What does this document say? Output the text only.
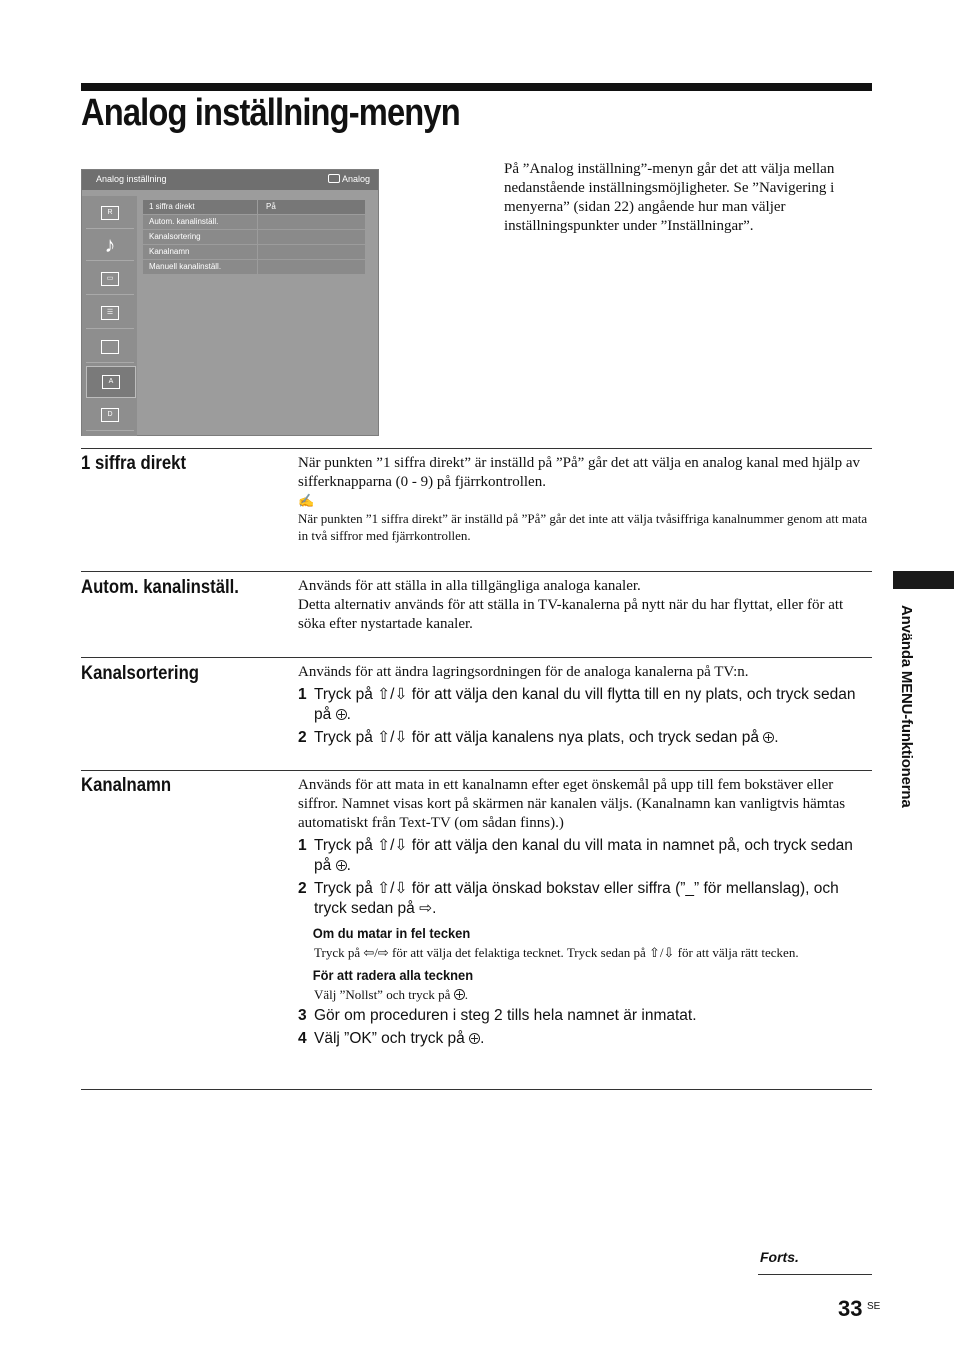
Analog inställning-menyn
Analog inställning	Analog
R
♪
▭
☰
A
D
1 siffra direkt	På
Autom. kanalinställ.
Kanalsortering
Kanalnamn
Manuell kanalinställ.

På ”Analog inställning”-menyn går det att välja mellan nedanstående inställningsmöjligheter. Se ”Navigering i menyerna” (sidan 22) angående hur man väljer inställningspunkter under ”Inställningar”.

1 siffra direkt	När punkten ”1 siffra direkt” är inställd på ”På” går det att välja en analog kanal med hjälp av sifferknapparna (0 - 9) på fjärrkontrollen.

✍

När punkten ”1 siffra direkt” är inställd på ”På” går det inte att välja tvåsiffriga kanalnummer genom att mata in två siffror med fjärrkontrollen.

Autom. kanalinställ.	Används för att ställa in alla tillgängliga analoga kanaler.

Detta alternativ används för att ställa in TV-kanalerna på nytt när du har flyttat, eller för att söka efter nystartade kanaler.

Kanalsortering	Används för att ändra lagringsordningen för de analoga kanalerna på TV:n.

1 Tryck på ⇧/⇩ för att välja den kanal du vill flytta till en ny plats, och tryck sedan på .
2 Tryck på ⇧/⇩ för att välja kanalens nya plats, och tryck sedan på .
Kanalnamn	Används för att mata in ett kanalnamn efter eget önskemål på upp till fem bokstäver eller siffror. Namnet visas kort på skärmen när kanalen väljs. (Kanalnamn kan vanligtvis hämtas automatiskt från Text-TV (om sådan finns).)

1 Tryck på ⇧/⇩ för att välja den kanal du vill mata in namnet på, och tryck sedan på .
2 Tryck på ⇧/⇩ för att välja önskad bokstav eller siffra (”_” för mellanslag), och tryck sedan på ⇨.
Om du matar in fel tecken
Tryck på ⇦/⇨ för att välja det felaktiga tecknet. Tryck sedan på ⇧/⇩ för att välja rätt tecken.
För att radera alla tecknen
Välj ”Nollst” och tryck på .
3 Gör om proceduren i steg 2 tills hela namnet är inmatat.
4 Välj ”OK” och tryck på .
Använda MENU-funktionerna
Forts.
33 SE
